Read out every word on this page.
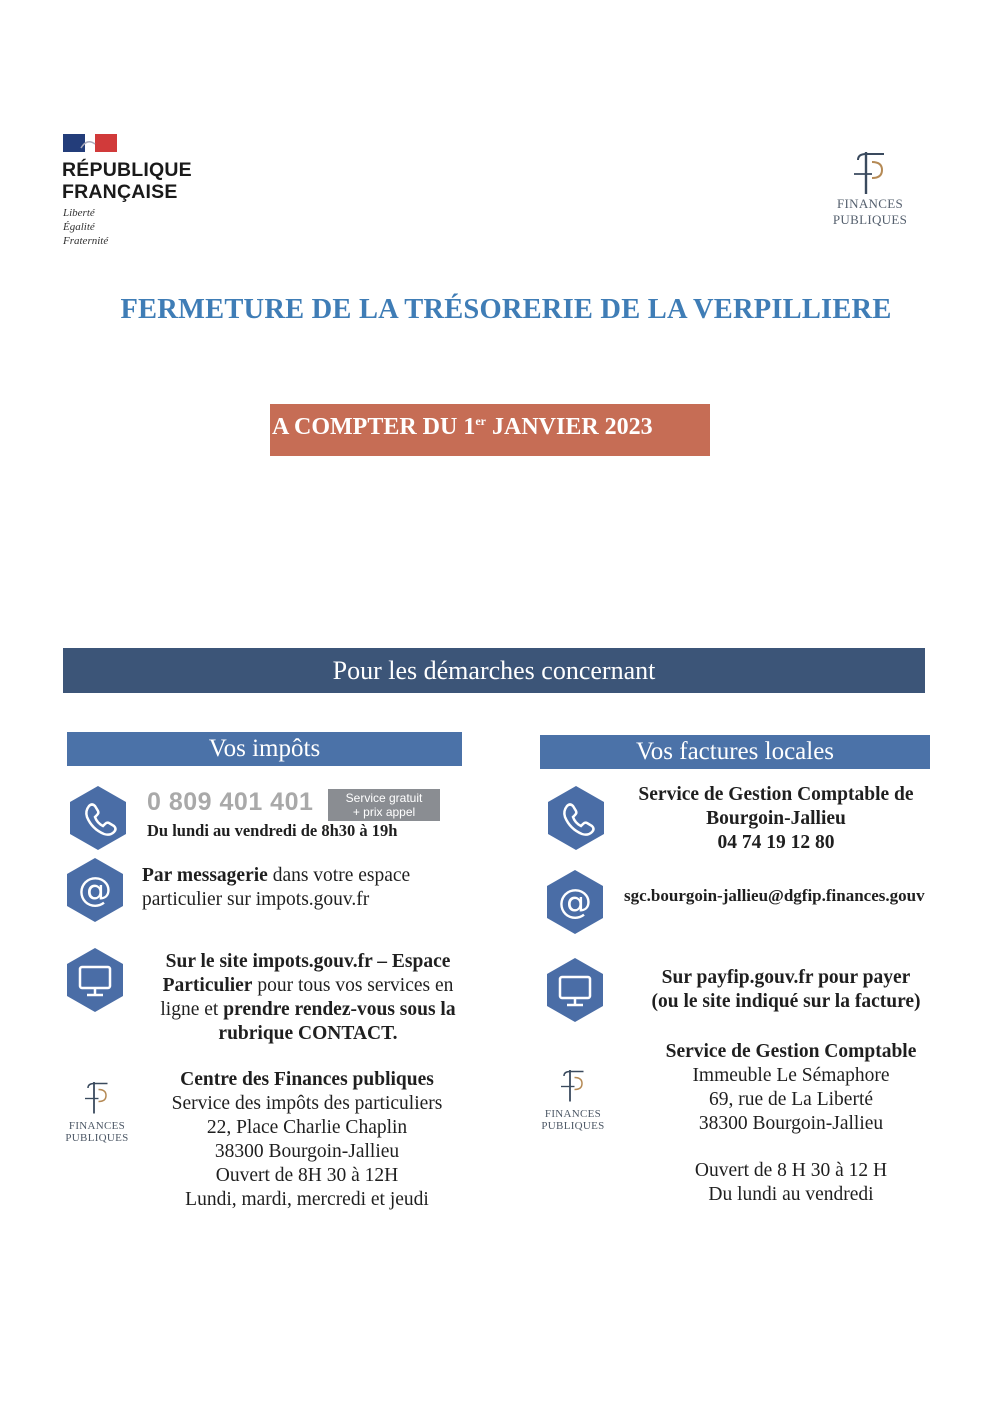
RÉPUBLIQUE
FRANÇAISE
Liberté
Égalité
Fraternité
FINANCES PUBLIQUES
FERMETURE DE LA TRÉSORERIE DE LA VERPILLIERE
A COMPTER DU 1er JANVIER 2023
Pour les démarches concernant
Vos impôts
0 809 401 401	Service gratuit
+ prix appel
Du lundi au vendredi de 8h30 à 19h
@ Par messagerie dans votre espace
particulier sur impots.gouv.fr
Sur le site impots.gouv.fr – Espace
Particulier pour tous vos services en
ligne et prendre rendez-vous sous la
rubrique CONTACT.
FINANCES PUBLIQUES
Centre des Finances publiques
Service des impôts des particuliers
22, Place Charlie Chaplin
38300 Bourgoin-Jallieu
Ouvert de 8H 30 à 12H
Lundi, mardi, mercredi et jeudi
Vos factures locales
Service de Gestion Comptable de
Bourgoin-Jallieu
04 74 19 12 80
@ sgc.bourgoin-jallieu@dgfip.finances.gouv
Sur payfip.gouv.fr pour payer
(ou le site indiqué sur la facture)
FINANCES PUBLIQUES
Service de Gestion Comptable
Immeuble Le Sémaphore
69, rue de La Liberté
38300 Bourgoin-Jallieu
Ouvert de 8 H 30 à 12 H
Du lundi au vendredi
